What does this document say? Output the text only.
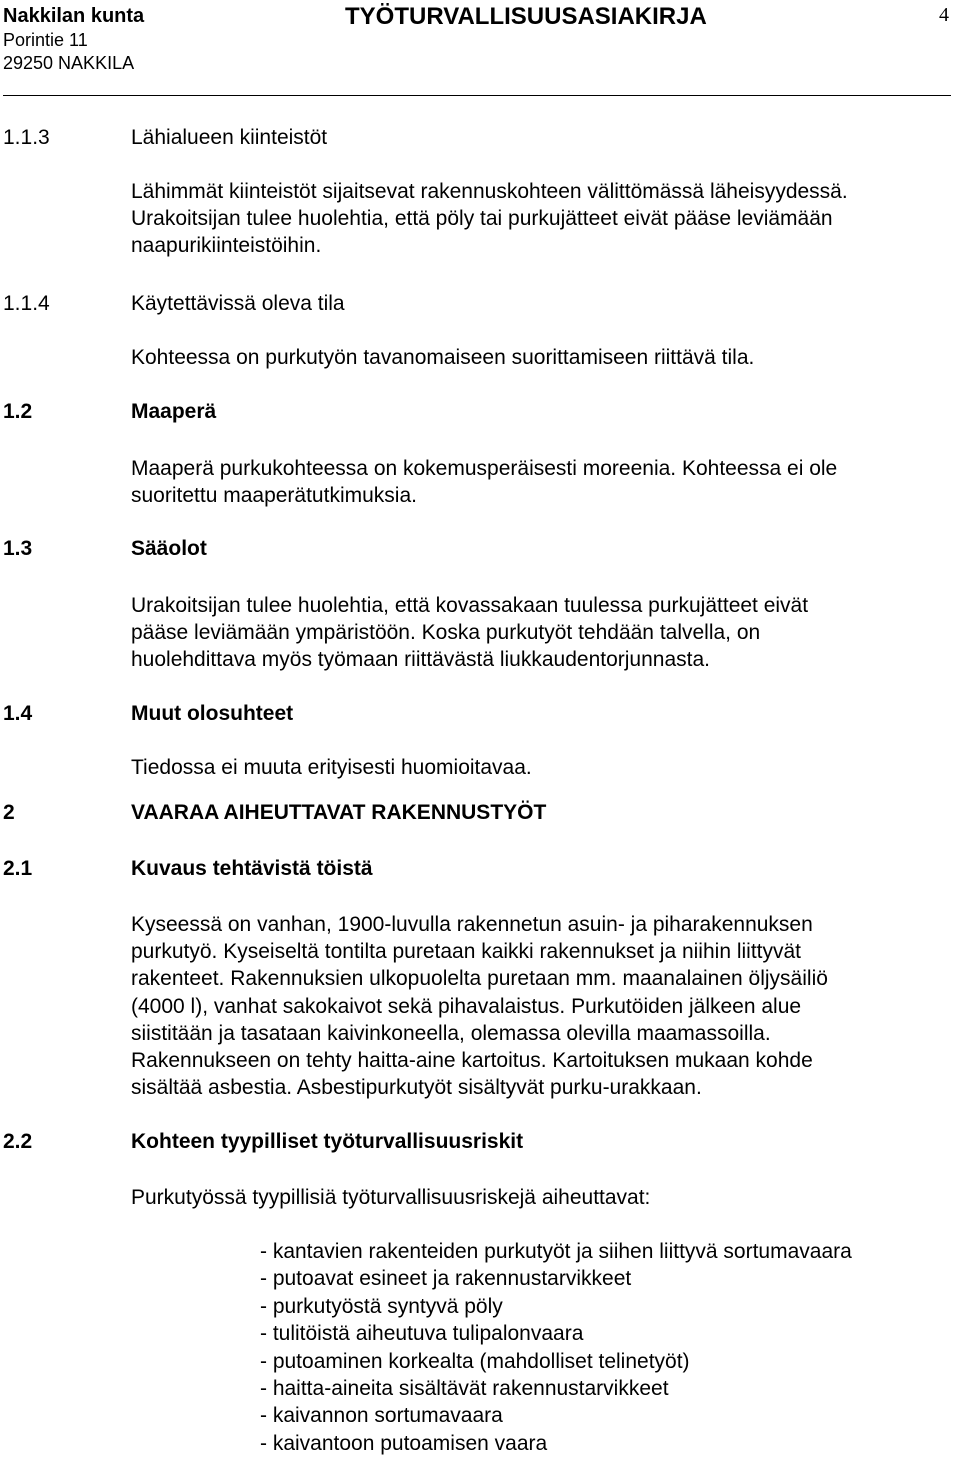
Nakkilan kunta
Porintie 11
29250 NAKKILA
TYÖTURVALLISUUSASIAKIRJA	4
1.1.3	Lähialueen kiinteistöt
Lähimmät kiinteistöt sijaitsevat rakennuskohteen välittömässä läheisyydessä.
Urakoitsijan tulee huolehtia, että pöly tai purkujätteet eivät pääse leviämään
naapurikiinteistöihin.
1.1.4	Käytettävissä oleva tila
Kohteessa on purkutyön tavanomaiseen suorittamiseen riittävä tila.
1.2	Maaperä
Maaperä purkukohteessa on kokemusperäisesti moreenia. Kohteessa ei ole
suoritettu maaperätutkimuksia.
1.3	Sääolot
Urakoitsijan tulee huolehtia, että kovassakaan tuulessa purkujätteet eivät
pääse leviämään ympäristöön. Koska purkutyöt tehdään talvella, on
huolehdittava myös työmaan riittävästä liukkaudentorjunnasta.
1.4	Muut olosuhteet
Tiedossa ei muuta erityisesti huomioitavaa.
2	VAARAA AIHEUTTAVAT RAKENNUSTYÖT
2.1	Kuvaus tehtävistä töistä
Kyseessä on vanhan, 1900-luvulla rakennetun asuin- ja piharakennuksen
purkutyö. Kyseiseltä tontilta puretaan kaikki rakennukset ja niihin liittyvät
rakenteet. Rakennuksien ulkopuolelta puretaan mm. maanalainen öljysäiliö
(4000 l), vanhat sakokaivot sekä pihavalaistus. Purkutöiden jälkeen alue
siistitään ja tasataan kaivinkoneella, olemassa olevilla maamassoilla.
Rakennukseen on tehty haitta-aine kartoitus. Kartoituksen mukaan kohde
sisältää asbestia. Asbestipurkutyöt sisältyvät purku-urakkaan.
2.2	Kohteen tyypilliset työturvallisuusriskit
Purkutyössä tyypillisiä työturvallisuusriskejä aiheuttavat:
- kantavien rakenteiden purkutyöt ja siihen liittyvä sortumavaara
- putoavat esineet ja rakennustarvikkeet
- purkutyöstä syntyvä pöly
- tulitöistä aiheutuva tulipalonvaara
- putoaminen korkealta (mahdolliset telinetyöt)
- haitta-aineita sisältävät rakennustarvikkeet
- kaivannon sortumavaara
- kaivantoon putoamisen vaara
